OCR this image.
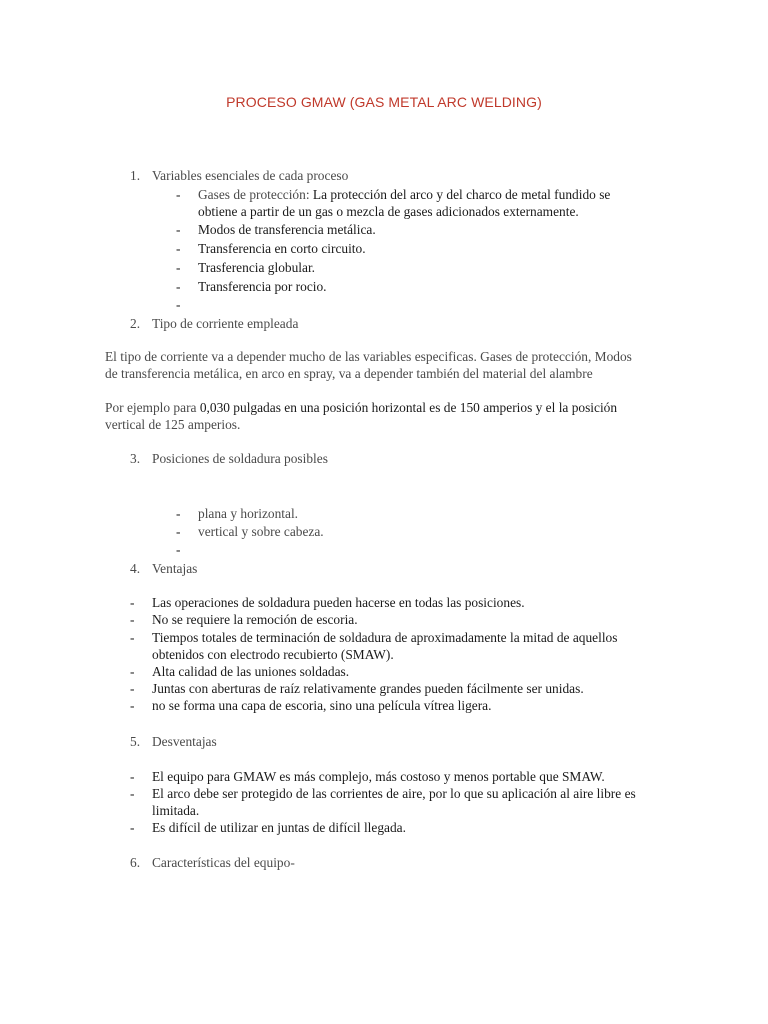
PROCESO GMAW (GAS METAL ARC WELDING)
1. Variables esenciales de cada proceso
- Gases de protección: La protección del arco y del charco de metal fundido se
obtiene a partir de un gas o mezcla de gases adicionados externamente.
- Modos de transferencia metálica.
- Transferencia en corto circuito.
- Trasferencia globular.
- Transferencia por rocio.
-
2. Tipo de corriente empleada
El tipo de corriente va a depender mucho de las variables especificas. Gases de protección, Modos
de transferencia metálica, en arco en spray, va a depender también del material del alambre
Por ejemplo para 0,030 pulgadas en una posición horizontal es de 150 amperios y el la posición
vertical de 125 amperios.
3. Posiciones de soldadura posibles
- plana y horizontal.
- vertical y sobre cabeza.
-
4. Ventajas
- Las operaciones de soldadura pueden hacerse en todas las posiciones.
- No se requiere la remoción de escoria.
- Tiempos totales de terminación de soldadura de aproximadamente la mitad de aquellos
obtenidos con electrodo recubierto (SMAW).
- Alta calidad de las uniones soldadas.
- Juntas con aberturas de raíz relativamente grandes pueden fácilmente ser unidas.
- no se forma una capa de escoria, sino una película vítrea ligera.
5. Desventajas
- El equipo para GMAW es más complejo, más costoso y menos portable que SMAW.
- El arco debe ser protegido de las corrientes de aire, por lo que su aplicación al aire libre es
limitada.
- Es difícil de utilizar en juntas de difícil llegada.
6. Características del equipo-
